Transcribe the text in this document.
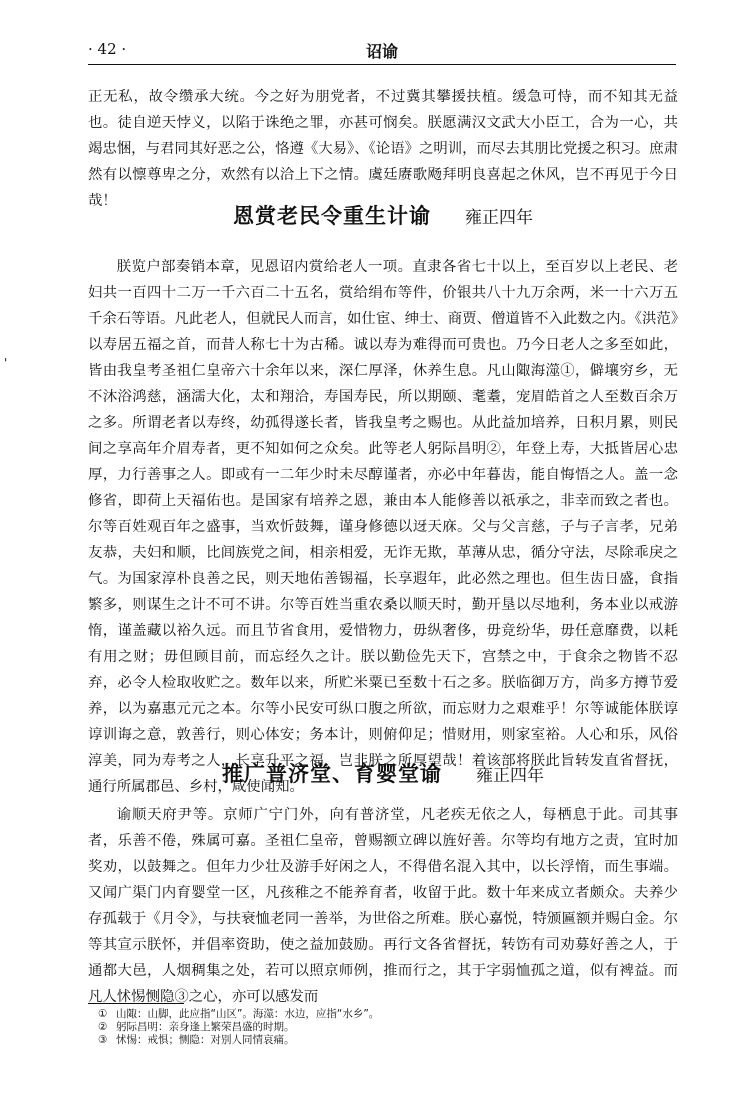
· 42 ·	诏谕

正无私，故令缵承大统。今之好为朋党者，不过冀其攀援扶植。缓急可恃，而不知其无益也。徒自逆天悖义，以陷于诛绝之罪，亦甚可悯矣。朕愿满汉文武大小臣工，合为一心，共竭忠悃，与君同其好恶之公，恪遵《大易》、《论语》之明训，而尽去其朋比党援之积习。庶肃然有以懔尊卑之分，欢然有以洽上下之情。虞廷赓歌飏拜明良喜起之休风，岂不再见于今日哉！

恩赏老民令重生计谕 雍正四年

朕览户部奏销本章，见恩诏内赏给老人一项。直隶各省七十以上，至百岁以上老民、老妇共一百四十二万一千六百二十五名，赏给绢布等件，价银共八十九万余两，米一十六万五千余石等语。凡此老人，但就民人而言，如仕宦、绅士、商贾、僧道皆不入此数之内。《洪范》以寿居五福之首，而昔人称七十为古稀。诚以寿为难得而可贵也。乃今日老人之多至如此，皆由我皇考圣祖仁皇帝六十余年以来，深仁厚泽，休养生息。凡山陬海澨①，僻壤穷乡，无不沐浴鸿慈，涵濡大化，太和翔洽，寿国寿民，所以期颐、耄耋，宠眉皓首之人至数百余万之多。所谓老者以寿终，幼孤得遂长者，皆我皇考之赐也。从此益加培养，日积月累，则民间之享高年介眉寿者，更不知如何之众矣。此等老人躬际昌明②，年登上寿，大抵皆居心忠厚，力行善事之人。即或有一二年少时未尽醇谨者，亦必中年暮齿，能自悔悟之人。盖一念修省，即荷上天福佑也。是国家有培养之恩，兼由本人能修善以祇承之，非幸而致之者也。尔等百姓观百年之盛事，当欢忻鼓舞，谨身修德以迓天庥。父与父言慈，子与子言孝，兄弟友恭，夫妇和顺，比闾族党之间，相亲相爱，无诈无欺，革薄从忠，循分守法，尽除乖戾之气。为国家淳朴良善之民，则天地佑善锡福，长享遐年，此必然之理也。但生齿日盛，食指繁多，则谋生之计不可不讲。尔等百姓当重农桑以顺天时，勤开垦以尽地利，务本业以戒游惰，谨盖藏以裕久远。而且节省食用，爱惜物力，毋纵奢侈，毋竞纷华，毋任意靡费，以耗有用之财；毋但顾目前，而忘经久之计。朕以勤俭先天下，宫禁之中，于食余之物皆不忍弃，必令人检取收贮之。数年以来，所贮米粟已至数十石之多。朕临御万方，尚多方撙节爱养，以为嘉惠元元之本。尔等小民安可纵口腹之所欲，而忘财力之艰难乎！尔等诚能体朕谆谆训诲之意，敦善行，则心体安；务本计，则俯仰足；惜财用，则家室裕。人心和乐，风俗淳美，同为寿考之人，长享升平之福，岂非朕之所厚望哉！着该部将朕此旨转发直省督抚，通行所属郡邑、乡村，咸使闻知。

推广普济堂、育婴堂谕 雍正四年

谕顺天府尹等。京师广宁门外，向有普济堂，凡老疾无依之人，每栖息于此。司其事者，乐善不倦，殊属可嘉。圣祖仁皇帝，曾赐额立碑以旌好善。尔等均有地方之责，宜时加奖劝，以鼓舞之。但年力少壮及游手好闲之人，不得借名混入其中，以长浮惰，而生事端。又闻广渠门内育婴堂一区，凡孩稚之不能养育者，收留于此。数十年来成立者颇众。夫养少存孤载于《月令》，与扶衰恤老同一善举，为世俗之所难。朕心嘉悦，特颁匾额并赐白金。尔等其宣示朕怀，并倡率资助，使之益加鼓励。再行文各省督抚，转饬有司劝募好善之人，于通都大邑，人烟稠集之处，若可以照京师例，推而行之，其于字弱恤孤之道，似有裨益。而凡人怵惕恻隐③之心，亦可以感发而

① 山陬：山脚，此应指“山区”。海澨：水边，应指“水乡”。
② 躬际昌明：亲身逢上繁荣昌盛的时期。
③ 怵惕：戒惧；恻隐：对别人同情哀痛。
'
